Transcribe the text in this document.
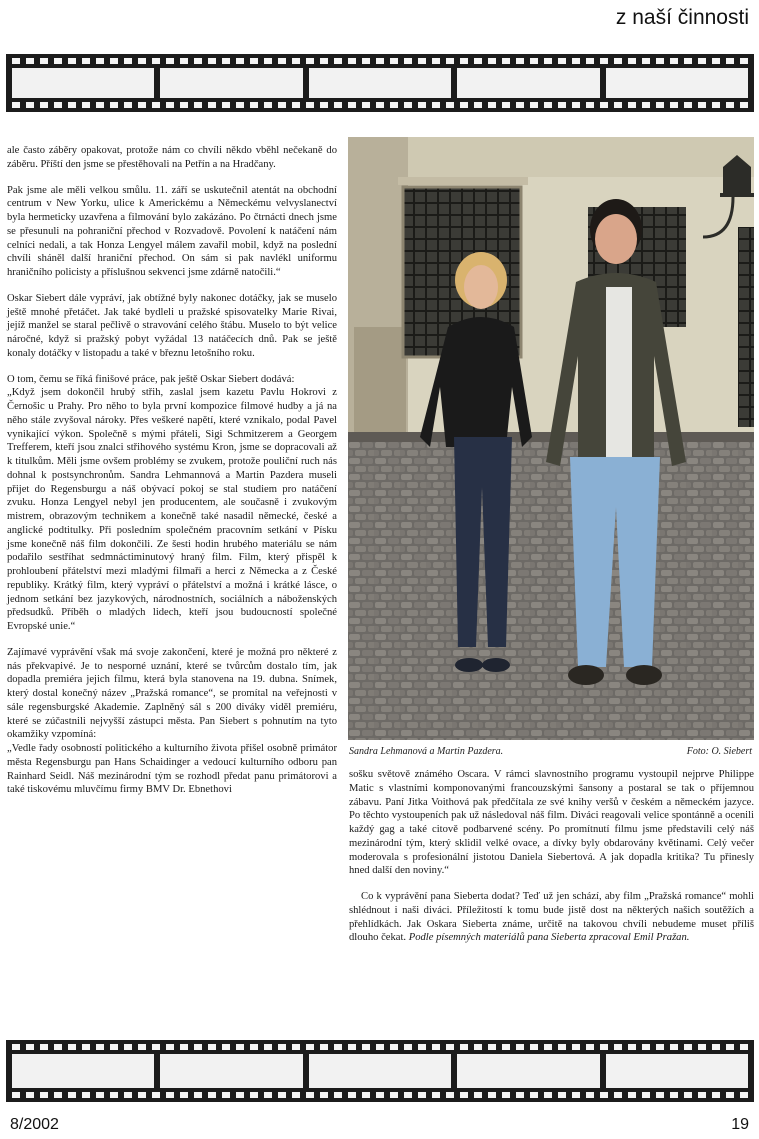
z naší činnosti

ale často záběry opakovat, protože nám co chvíli někdo vběhl nečekaně do záběru. Příští den jsme se přestěhovali na Petřín a na Hradčany.

Pak jsme ale měli velkou smůlu. 11. září se uskutečnil atentát na obchodní centrum v New Yorku, ulice k Americkému a Německému velvyslanectví byla hermeticky uzavřena a filmování bylo zakázáno. Po čtrnácti dnech jsme se přesunuli na pohraniční přechod v Rozvadově. Povolení k natáčení nám celníci nedali, a tak Honza Lengyel málem zavařil mobil, když na poslední chvíli sháněl další hraniční přechod. On sám si pak navlékl uniformu hraničního policisty a příslušnou sekvenci jsme zdárně natočili.“

Oskar Siebert dále vypráví, jak obtížné byly nakonec dotáčky, jak se muselo ještě mnohé přetáčet. Jak také bydleli u pražské spisovatelky Marie Rivai, jejíž manžel se staral pečlivě o stravování celého štábu. Muselo to být velice náročné, když si pražský pobyt vyžádal 13 natáčecích dnů. Pak se ještě konaly dotáčky v listopadu a také v březnu letošního roku.

O tom, čemu se říká finišové práce, pak ještě Oskar Siebert dodává:
„Když jsem dokončil hrubý střih, zaslal jsem kazetu Pavlu Hokrovi z Černošic u Prahy. Pro něho to byla první kompozice filmové hudby a já na něho stále zvyšoval nároky. Přes veškeré napětí, které vznikalo, podal Pavel vynikající výkon. Společně s mými přáteli, Sigi Schmitzerem a Georgem Trefferem, kteří jsou znalci střihového systému Kron, jsme se dopracovali až k titulkům. Měli jsme ovšem problémy se zvukem, protože pouliční ruch nás dohnal k postsynchronům. Sandra Lehmannová a Martin Pazdera museli přijet do Regensburgu a náš obývací pokoj se stal studiem pro natáčení zvuku. Honza Lengyel nebyl jen producentem, ale současně i zvukovým mistrem, obrazovým technikem a konečně také nasadil německé, české a anglické podtitulky. Při posledním společném pracovním setkání v Písku jsme konečně náš film dokončili. Ze šesti hodin hrubého materiálu se nám podařilo sestříhat sedmnáctiminutový hraný film. Film, který přispěl k prohloubení přátelství mezi mladými filmaři a herci z Německa a z České republiky. Krátký film, který vypráví o přátelství a možná i krátké lásce, o jednom setkání bez jazykových, národnostních, sociálních a náboženských předsudků. Příběh o mladých lidech, kteří jsou budoucností společné Evropské unie.“

Zajímavé vyprávění však má svoje zakončení, které je možná pro některé z nás překvapivé. Je to nesporné uznání, které se tvůrcům dostalo tím, jak dopadla premiéra jejich filmu, která byla stanovena na 19. dubna. Snímek, který dostal konečný název „Pražská romance“, se promítal na veřejnosti v sále regensburgské Akademie. Zaplněný sál s 200 diváky viděl premiéru, které se zúčastnili nejvyšší zástupci města. Pan Siebert s pohnutím na tyto okamžiky vzpomíná:
„Vedle řady osobností politického a kulturního života přišel osobně primátor města Regensburgu pan Hans Schaidinger a vedoucí kulturního odboru pan Rainhard Seidl. Náš mezinárodní tým se rozhodl předat panu primátorovi a také tiskovému mluvčímu firmy BMV Dr. Ebnethovi

Sandra Lehmanová a Martin Pazdera.	Foto: O. Siebert

sošku světově známého Oscara. V rámci slavnostního programu vystoupil nejprve Philippe Matic s vlastními komponovanými francouzskými šansony a postaral se tak o příjemnou zábavu. Paní Jitka Voithová pak předčítala ze své knihy veršů v českém a německém jazyce. Po těchto vystoupeních pak už následoval náš film. Diváci reagovali velice spontánně a ocenili každý gag a také citově podbarvené scény. Po promítnutí filmu jsme představili celý náš mezinárodní tým, který sklidil velké ovace, a dívky byly obdarovány květinami. Celý večer moderovala s profesionální jistotou Daniela Siebertová. A jak dopadla kritika? Tu přinesly hned další den noviny.“

Co k vyprávění pana Sieberta dodat? Teď už jen schází, aby film „Pražská romance“ mohli shlédnout i naši diváci. Příležitostí k tomu bude jistě dost na některých našich soutěžích a přehlídkách. Jak Oskara Sieberta známe, určitě na takovou chvíli nebudeme muset příliš dlouho čekat. Podle písemných materiálů pana Sieberta zpracoval Emil Pražan.

8/2002	19
